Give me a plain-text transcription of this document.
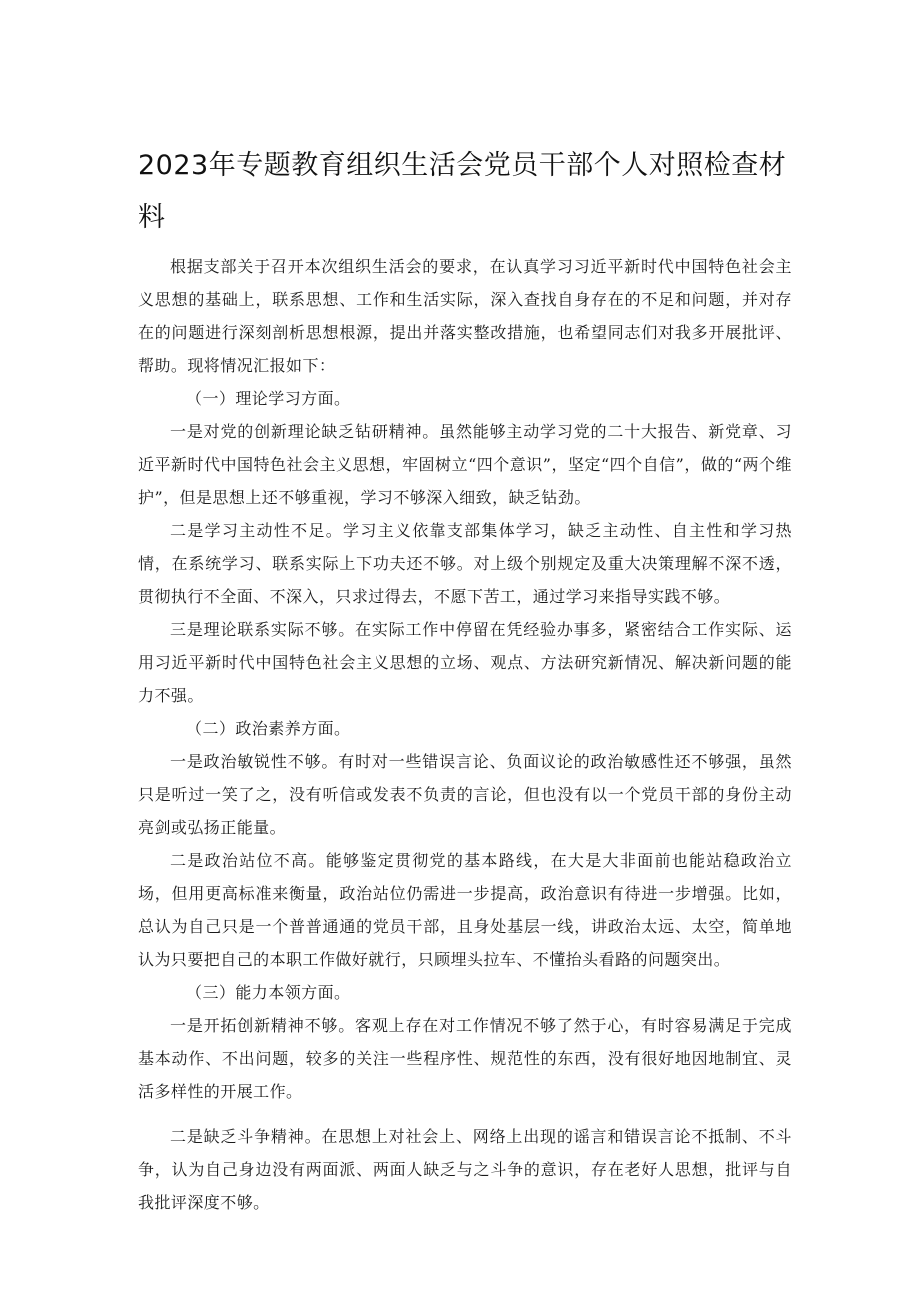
2023年专题教育组织生活会党员干部个人对照检查材料

根据支部关于召开本次组织生活会的要求，在认真学习习近平新时代中国特色社会主义思想的基础上，联系思想、工作和生活实际，深入查找自身存在的不足和问题，并对存在的问题进行深刻剖析思想根源，提出并落实整改措施，也希望同志们对我多开展批评、帮助。现将情况汇报如下：

（一）理论学习方面。

一是对党的创新理论缺乏钻研精神。虽然能够主动学习党的二十大报告、新党章、习近平新时代中国特色社会主义思想，牢固树立“四个意识”，坚定“四个自信”，做的“两个维护”，但是思想上还不够重视，学习不够深入细致，缺乏钻劲。

二是学习主动性不足。学习主义依靠支部集体学习，缺乏主动性、自主性和学习热情，在系统学习、联系实际上下功夫还不够。对上级个别规定及重大决策理解不深不透，贯彻执行不全面、不深入，只求过得去，不愿下苦工，通过学习来指导实践不够。

三是理论联系实际不够。在实际工作中停留在凭经验办事多，紧密结合工作实际、运用习近平新时代中国特色社会主义思想的立场、观点、方法研究新情况、解决新问题的能力不强。

（二）政治素养方面。

一是政治敏锐性不够。有时对一些错误言论、负面议论的政治敏感性还不够强，虽然只是听过一笑了之，没有听信或发表不负责的言论，但也没有以一个党员干部的身份主动亮剑或弘扬正能量。

二是政治站位不高。能够鉴定贯彻党的基本路线，在大是大非面前也能站稳政治立场，但用更高标准来衡量，政治站位仍需进一步提高，政治意识有待进一步增强。比如，总认为自己只是一个普普通通的党员干部，且身处基层一线，讲政治太远、太空，简单地认为只要把自己的本职工作做好就行，只顾埋头拉车、不懂抬头看路的问题突出。

（三）能力本领方面。

一是开拓创新精神不够。客观上存在对工作情况不够了然于心，有时容易满足于完成基本动作、不出问题，较多的关注一些程序性、规范性的东西，没有很好地因地制宜、灵活多样性的开展工作。

二是缺乏斗争精神。在思想上对社会上、网络上出现的谣言和错误言论不抵制、不斗争，认为自己身边没有两面派、两面人缺乏与之斗争的意识，存在老好人思想，批评与自我批评深度不够。
